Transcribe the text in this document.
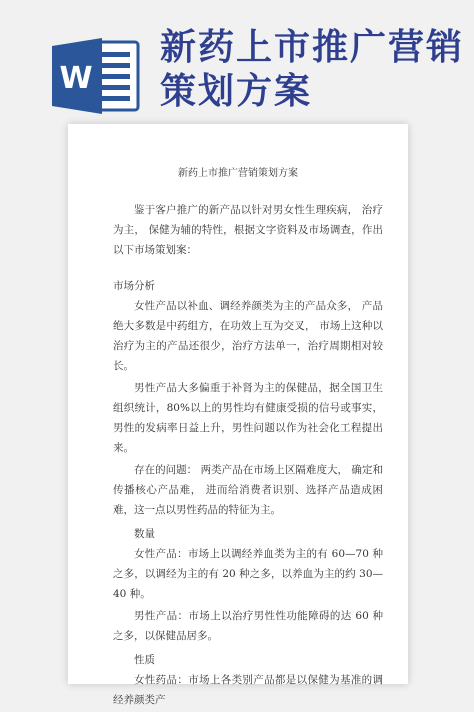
W
新药上市推广营销
策划方案
新药上市推广营销策划方案

鉴于客户推广的新产品以针对男女性生理疾病， 治疗为主， 保健为辅的特性，根据文字资料及市场调查，作出以下市场策划案：

市场分析

女性产品以补血、调经养颜类为主的产品众多， 产品绝大多数是中药组方，在功效上互为交叉， 市场上这种以治疗为主的产品还很少，治疗方法单一，治疗周期相对较长。

男性产品大多偏重于补肾为主的保健品，据全国卫生组织统计，80%以上的男性均有健康受损的信号或事实，男性的发病率日益上升，男性问题以作为社会化工程提出来。

存在的问题： 两类产品在市场上区隔难度大， 确定和传播核心产品难， 进而给消费者识别、选择产品造成困难，这一点以男性药品的特征为主。

数量

女性产品：市场上以调经养血类为主的有 60—70 种之多，以调经为主的有 20 种之多，以养血为主的约 30—40 种。

男性产品：市场上以治疗男性性功能障碍的达 60 种之多，以保健品居多。

性质

女性药品：市场上各类别产品都是以保健为基准的调经养颜类产
